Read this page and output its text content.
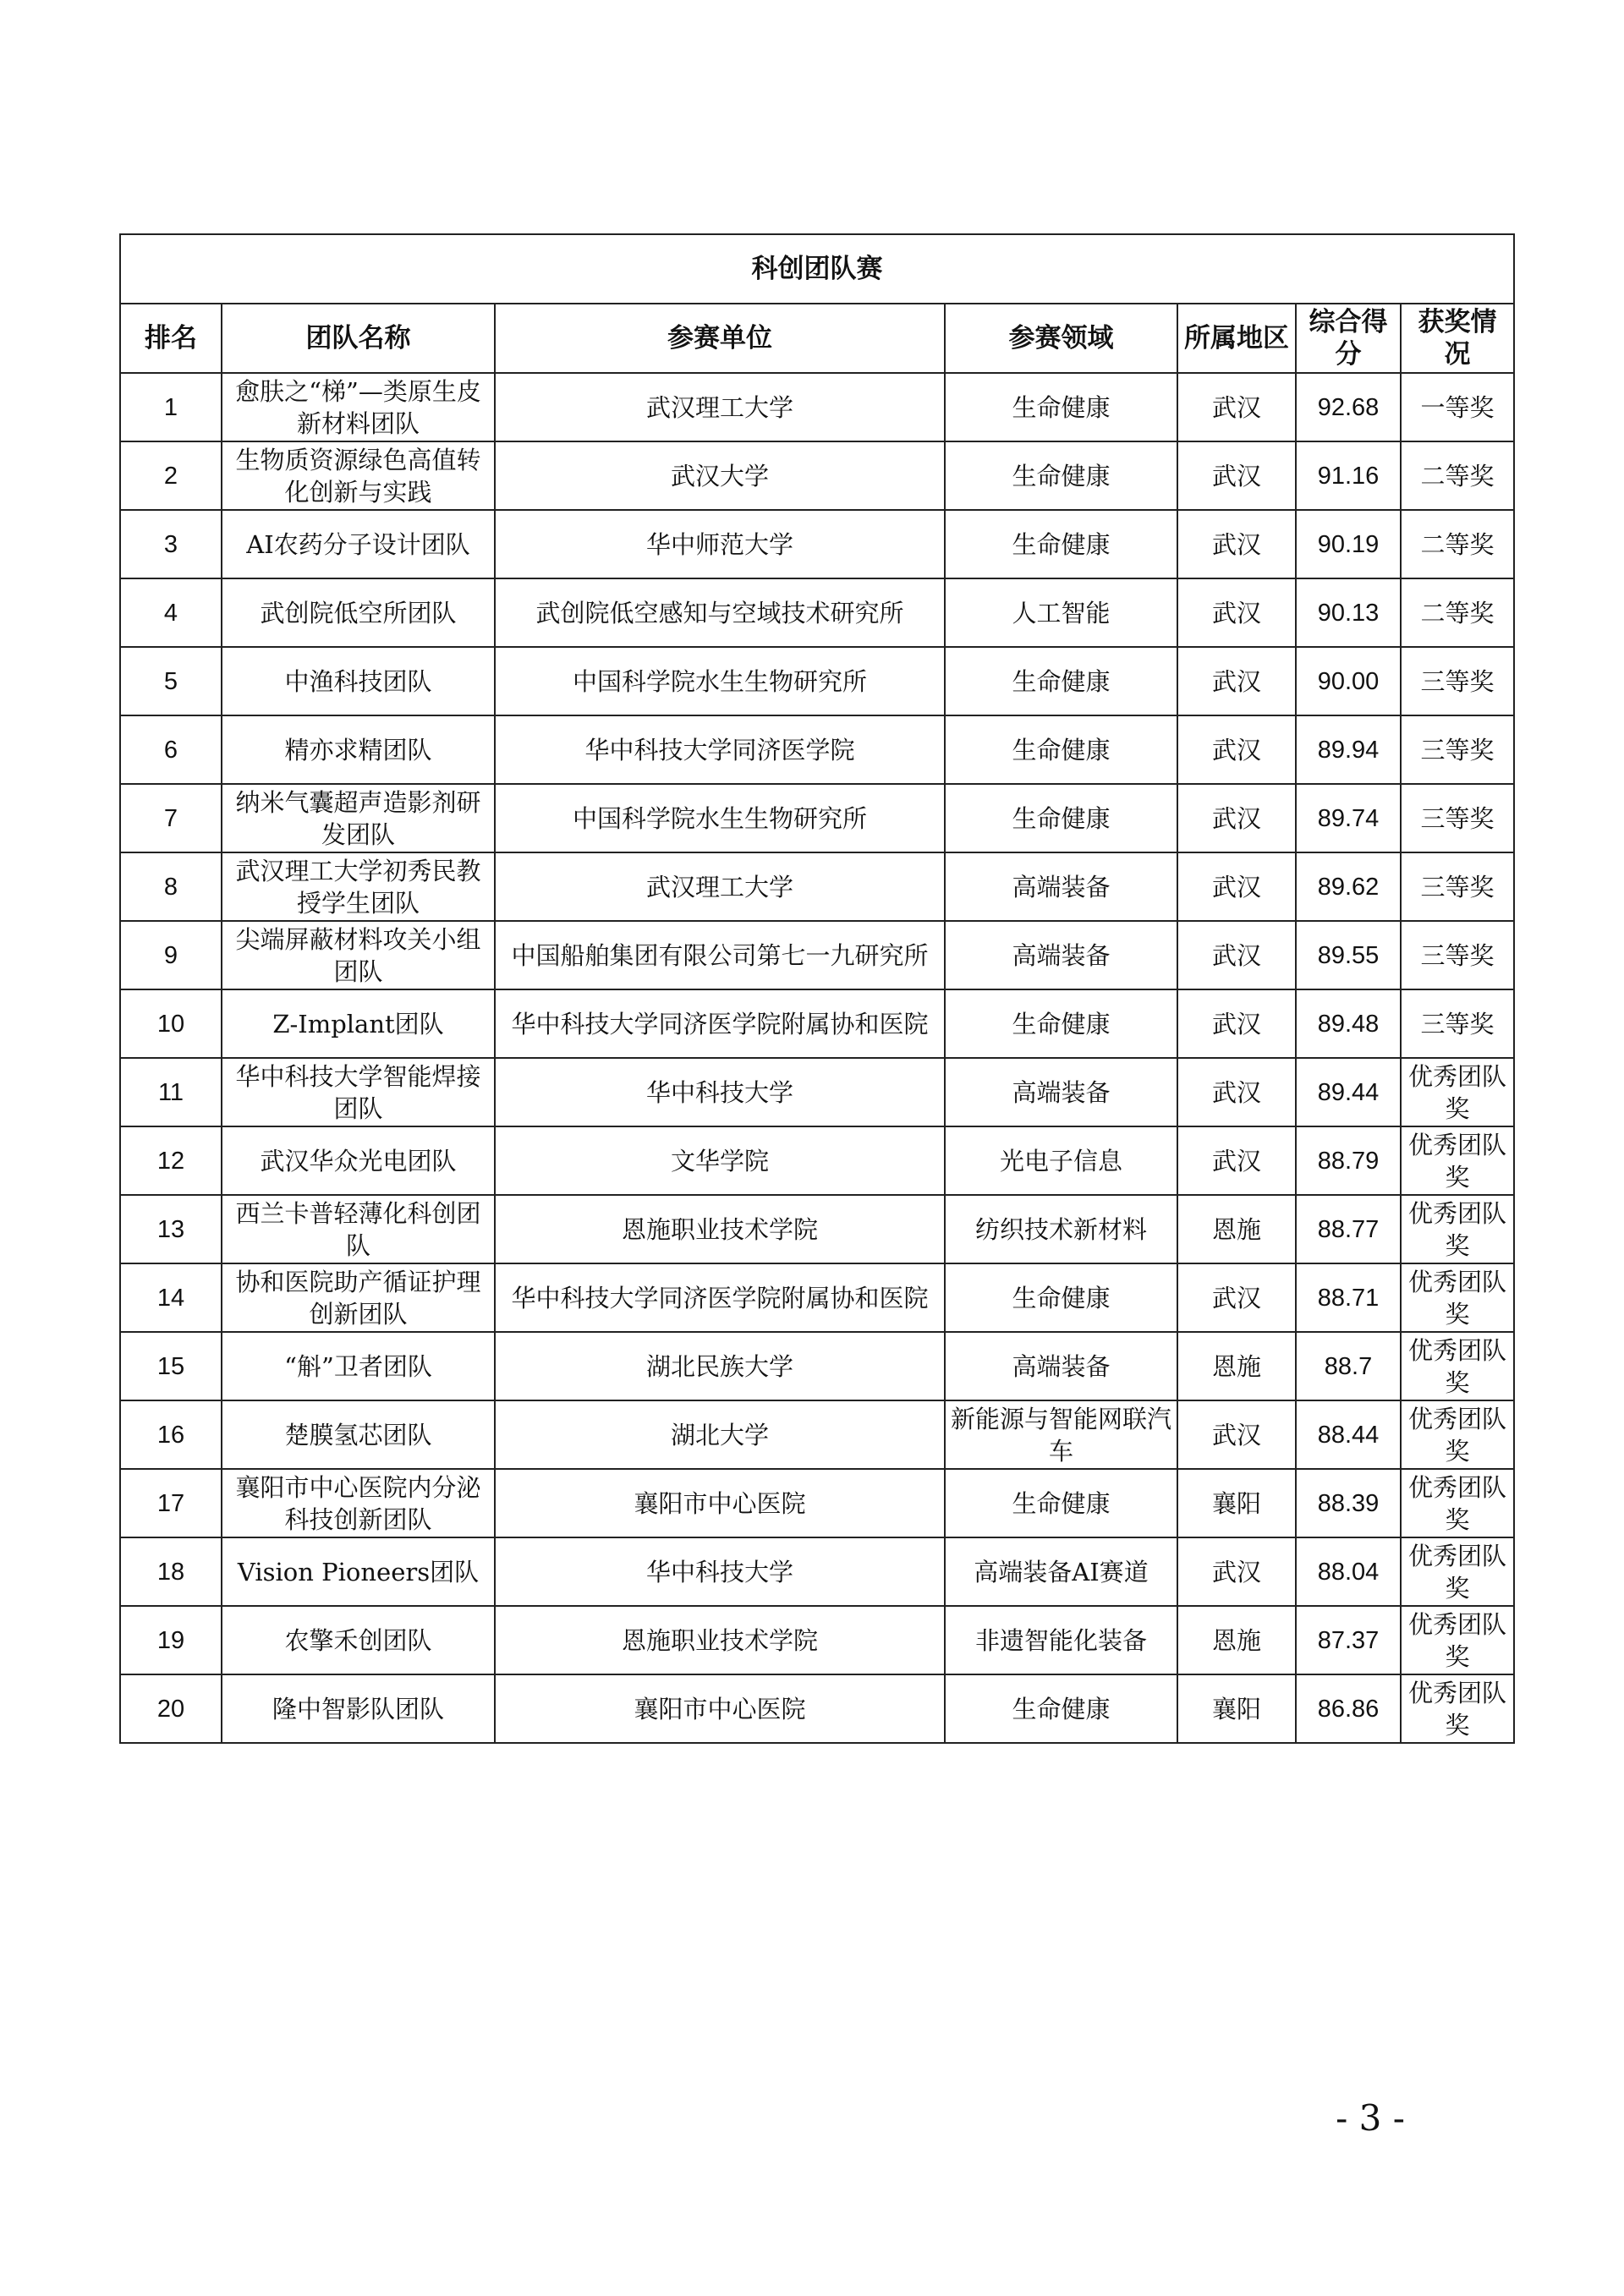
科创团队赛						
排名	团队名称	参赛单位	参赛领域	所属地区	综合得分	获奖情况
1	愈肤之“梯”—类原生皮新材料团队	武汉理工大学	生命健康	武汉	92.68	一等奖
2	生物质资源绿色高值转化创新与实践	武汉大学	生命健康	武汉	91.16	二等奖
3	AI农药分子设计团队	华中师范大学	生命健康	武汉	90.19	二等奖
4	武创院低空所团队	武创院低空感知与空域技术研究所	人工智能	武汉	90.13	二等奖
5	中渔科技团队	中国科学院水生生物研究所	生命健康	武汉	90.00	三等奖
6	精亦求精团队	华中科技大学同济医学院	生命健康	武汉	89.94	三等奖
7	纳米气囊超声造影剂研发团队	中国科学院水生生物研究所	生命健康	武汉	89.74	三等奖
8	武汉理工大学初秀民教授学生团队	武汉理工大学	高端装备	武汉	89.62	三等奖
9	尖端屏蔽材料攻关小组团队	中国船舶集团有限公司第七一九研究所	高端装备	武汉	89.55	三等奖
10	Z-Implant团队	华中科技大学同济医学院附属协和医院	生命健康	武汉	89.48	三等奖
11	华中科技大学智能焊接团队	华中科技大学	高端装备	武汉	89.44	优秀团队奖
12	武汉华众光电团队	文华学院	光电子信息	武汉	88.79	优秀团队奖
13	西兰卡普轻薄化科创团队	恩施职业技术学院	纺织技术新材料	恩施	88.77	优秀团队奖
14	协和医院助产循证护理创新团队	华中科技大学同济医学院附属协和医院	生命健康	武汉	88.71	优秀团队奖
15	“斛”卫者团队	湖北民族大学	高端装备	恩施	88.7	优秀团队奖
16	楚膜氢芯团队	湖北大学	新能源与智能网联汽车	武汉	88.44	优秀团队奖
17	襄阳市中心医院内分泌科技创新团队	襄阳市中心医院	生命健康	襄阳	88.39	优秀团队奖
18	Vision Pioneers团队	华中科技大学	高端装备AI赛道	武汉	88.04	优秀团队奖
19	农擎禾创团队	恩施职业技术学院	非遗智能化装备	恩施	87.37	优秀团队奖
20	隆中智影队团队	襄阳市中心医院	生命健康	襄阳	86.86	优秀团队奖
- 3 -
